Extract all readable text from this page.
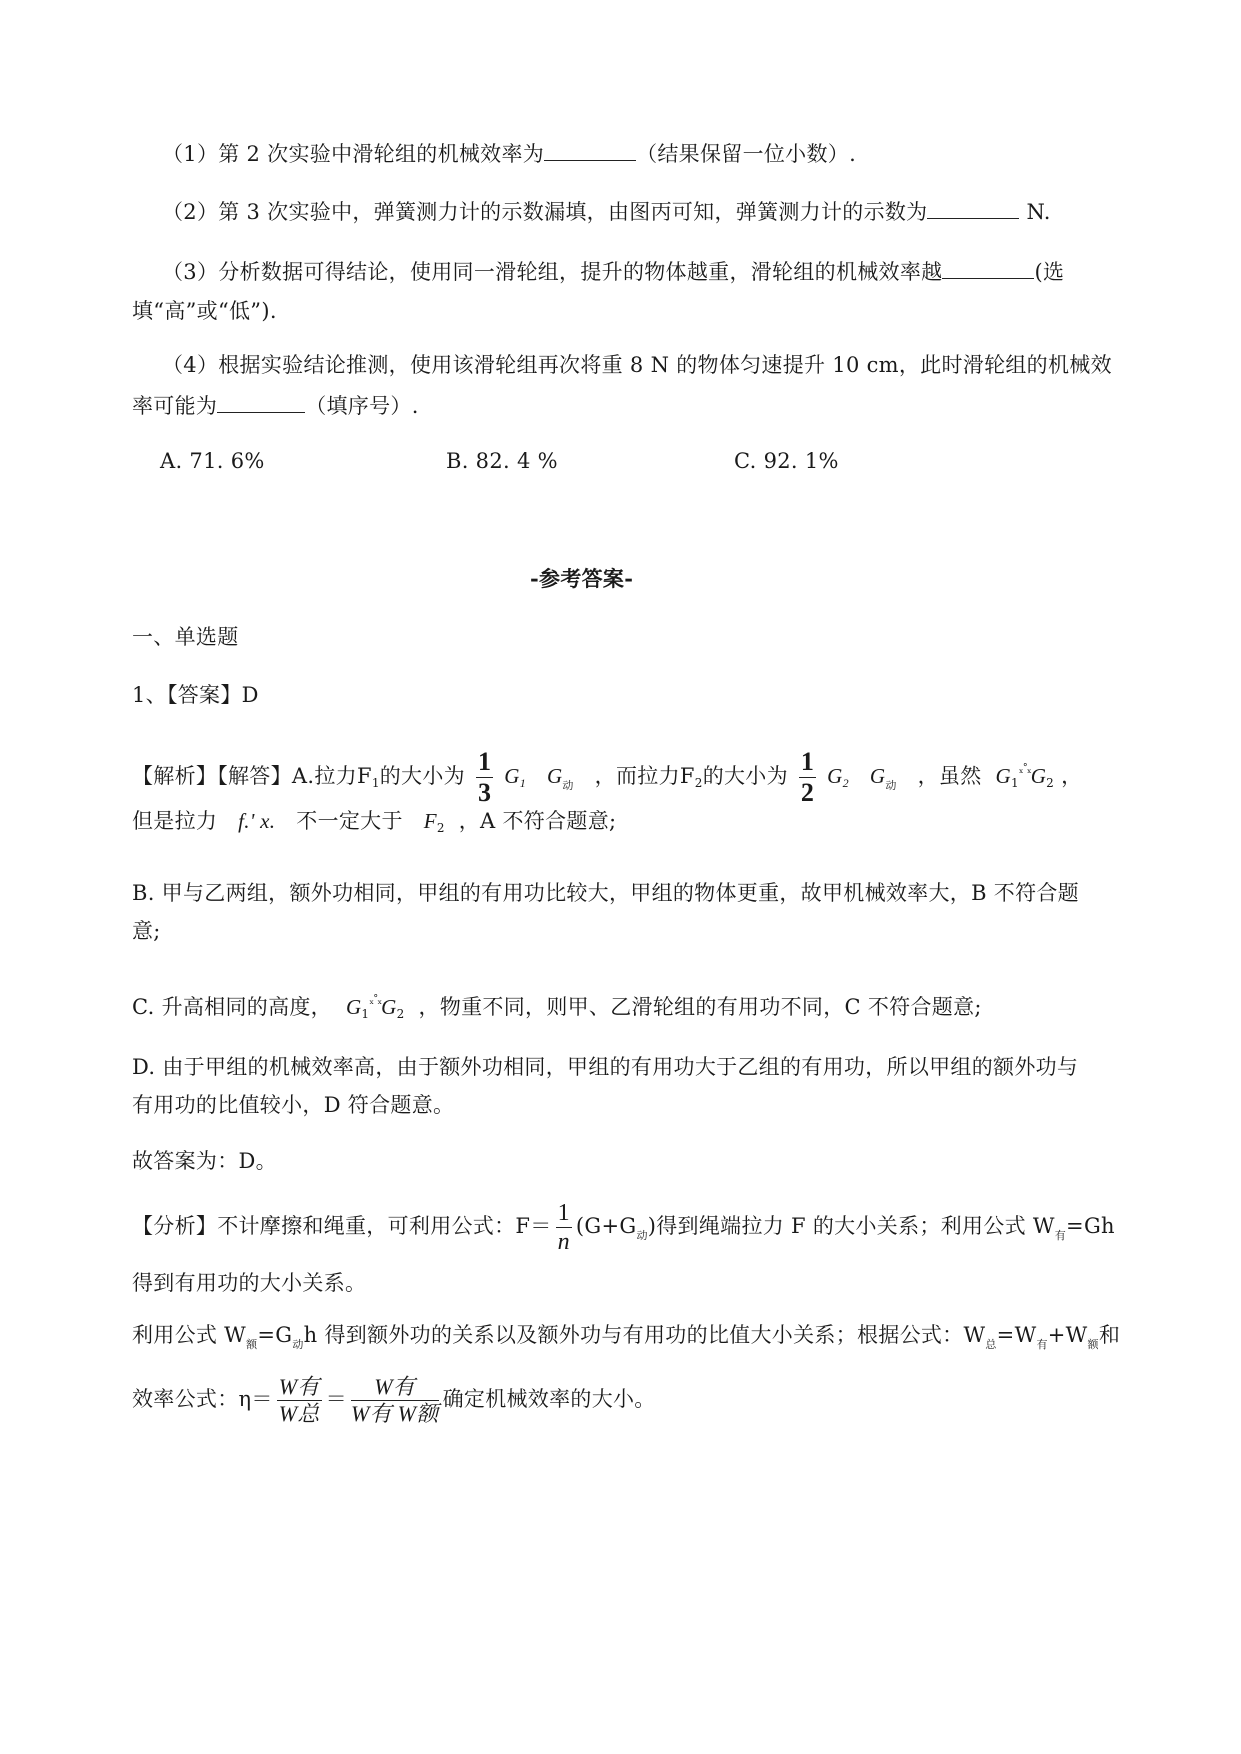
（1）第 2 次实验中滑轮组的机械效率为	（结果保留一位小数）.
（2）第 3 次实验中，弹簧测力计的示数漏填，由图丙可知，弹簧测力计的示数为	N.
（3）分析数据可得结论，使用同一滑轮组，提升的物体越重，滑轮组的机械效率越	(选
填“高”或“低”).
（4）根据实验结论推测，使用该滑轮组再次将重 8 N 的物体匀速提升 10 cm，此时滑轮组的机械效
率可能为	（填序号）.
A. 71. 6%	B. 82. 4 %	C. 92. 1%
-参考答案-
一、单选题
1、【答案】D
【解析】【解答】A.拉力$F_1$的大小为 $\frac{1}{3} G_1$ $G_动$ ，而拉力$F_2$的大小为 $\frac{1}{2} G_2$ $G_动$ ，虽然 $G_1^{_x˚_x}G_2$ ，
但是拉力 f.' x. 不一定大于 $F_2$ ，A 不符合题意;
B. 甲与乙两组，额外功相同，甲组的有用功比较大，甲组的物体更重，故甲机械效率大，B 不符合题
意;
C. 升高相同的高度， $G_1^{_x˚_x}G_2$ ，物重不同，则甲、乙滑轮组的有用功不同，C 不符合题意;
D. 由于甲组的机械效率高，由于额外功相同，甲组的有用功大于乙组的有用功，所以甲组的额外功与
有用功的比值较小，D 符合题意。
故答案为：D。
【分析】不计摩擦和绳重，可利用公式：$F= \frac{1}{n} (G+G_动)$得到绳端拉力 F 的大小关系；利用公式 $W_有=Gh$
得到有用功的大小关系。
利用公式 $W_额=G_动h$ 得到额外功的关系以及额外功与有用功的比值大小关系；根据公式：$W_总=W_有+W_额$和
效率公式：$\eta= \frac{\text{W有}}{\text{W总}} = \frac{\text{W有}}{\text{W有 W额}}$ 确定机械效率的大小。
